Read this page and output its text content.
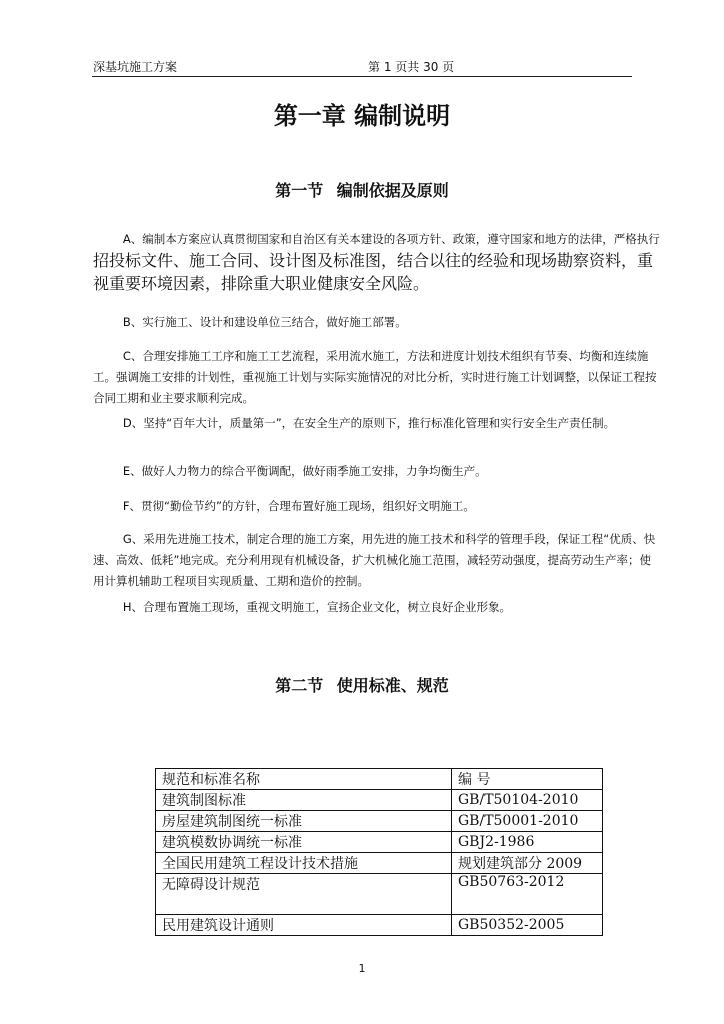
深基坑施工方案	第 1 页共 30 页
第一章 编制说明
第一节 编制依据及原则
A、编制本方案应认真贯彻国家和自治区有关本建设的各项方针、政策，遵守国家和地方的法律，严格执行招投标文件、施工合同、设计图及标准图，结合以往的经验和现场勘察资料，重视重要环境因素，排除重大职业健康安全风险。
B、实行施工、设计和建设单位三结合，做好施工部署。
C、合理安排施工工序和施工工艺流程，采用流水施工，方法和进度计划技术组织有节奏、均衡和连续施工。强调施工安排的计划性，重视施工计划与实际实施情况的对比分析，实时进行施工计划调整，以保证工程按合同工期和业主要求顺利完成。
D、坚持“百年大计，质量第一”，在安全生产的原则下，推行标准化管理和实行安全生产责任制。
E、做好人力物力的综合平衡调配，做好雨季施工安排，力争均衡生产。
F、贯彻“勤俭节约”的方针，合理布置好施工现场，组织好文明施工。
G、采用先进施工技术，制定合理的施工方案，用先进的施工技术和科学的管理手段，保证工程“优质、快速、高效、低耗”地完成。充分利用现有机械设备，扩大机械化施工范围，减轻劳动强度，提高劳动生产率；使用计算机辅助工程项目实现质量、工期和造价的控制。
H、合理布置施工现场，重视文明施工，宣扬企业文化，树立良好企业形象。
第二节 使用标准、规范
规范和标准名称	编 号
建筑制图标准	GB/T50104-2010
房屋建筑制图统一标准	GB/T50001-2010
建筑模数协调统一标准	GBJ2-1986
全国民用建筑工程设计技术措施	规划建筑部分 2009
无障碍设计规范	GB50763-2012
民用建筑设计通则	GB50352-2005
1
